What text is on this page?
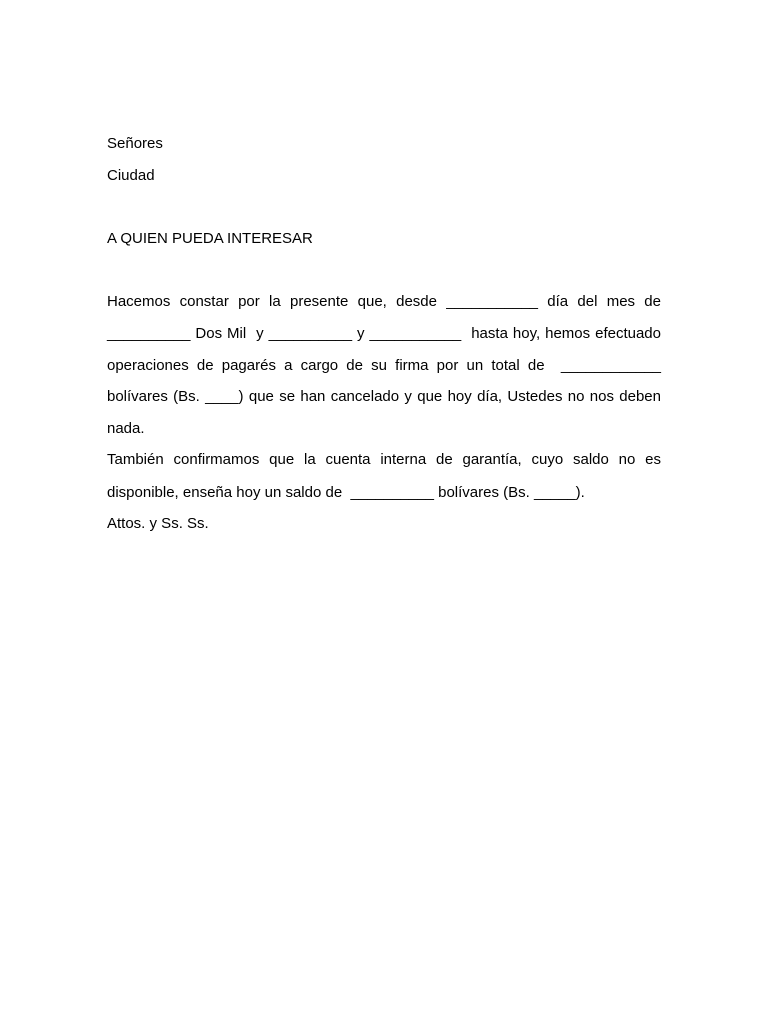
Señores
Ciudad
A QUIEN PUEDA INTERESAR
Hacemos constar por la presente que, desde ___________ día del mes de
__________ Dos Mil  y __________ y ___________  hasta hoy, hemos efectuado
operaciones de pagarés a cargo de su firma por un total de  ____________
bolívares (Bs. ____) que se han cancelado y que hoy día, Ustedes no nos deben
nada.
También confirmamos que la cuenta interna de garantía, cuyo saldo no es
disponible, enseña hoy un saldo de  __________ bolívares (Bs. _____).
Attos. y Ss. Ss.
